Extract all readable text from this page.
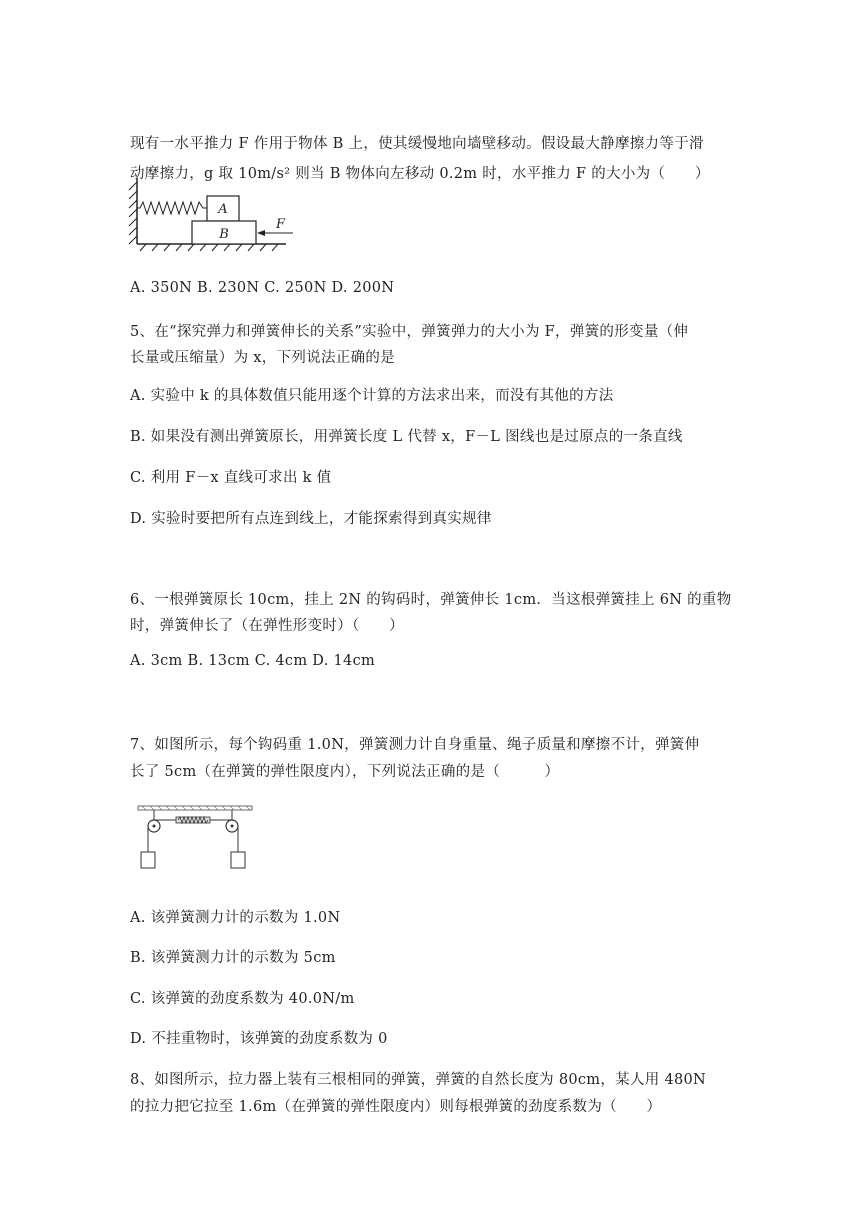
现有一水平推力 F 作用于物体 B 上，使其缓慢地向墙壁移动。假设最大静摩擦力等于滑
动摩擦力，g 取 10m/s² 则当 B 物体向左移动 0.2m 时，水平推力 F 的大小为（　　）
A
B
F
A. 350N B. 230N C. 250N D. 200N
5、在“探究弹力和弹簧伸长的关系”实验中，弹簧弹力的大小为 F，弹簧的形变量（伸
长量或压缩量）为 x，下列说法正确的是
A. 实验中 k 的具体数值只能用逐个计算的方法求出来，而没有其他的方法
B. 如果没有测出弹簧原长，用弹簧长度 L 代替 x，F－L 图线也是过原点的一条直线
C. 利用 F－x 直线可求出 k 值
D. 实验时要把所有点连到线上，才能探索得到真实规律
6、一根弹簧原长 10cm，挂上 2N 的钩码时，弹簧伸长 1cm．当这根弹簧挂上 6N 的重物
时，弹簧伸长了（在弹性形变时）（　　）
A. 3cm B. 13cm C. 4cm D. 14cm
7、如图所示，每个钩码重 1.0N，弹簧测力计自身重量、绳子质量和摩擦不计，弹簧伸
长了 5cm（在弹簧的弹性限度内），下列说法正确的是（　　　）
A. 该弹簧测力计的示数为 1.0N
B. 该弹簧测力计的示数为 5cm
C. 该弹簧的劲度系数为 40.0N/m
D. 不挂重物时，该弹簧的劲度系数为 0
8、如图所示，拉力器上装有三根相同的弹簧，弹簧的自然长度为 80cm，某人用 480N
的拉力把它拉至 1.6m（在弹簧的弹性限度内）则每根弹簧的劲度系数为（　　）
